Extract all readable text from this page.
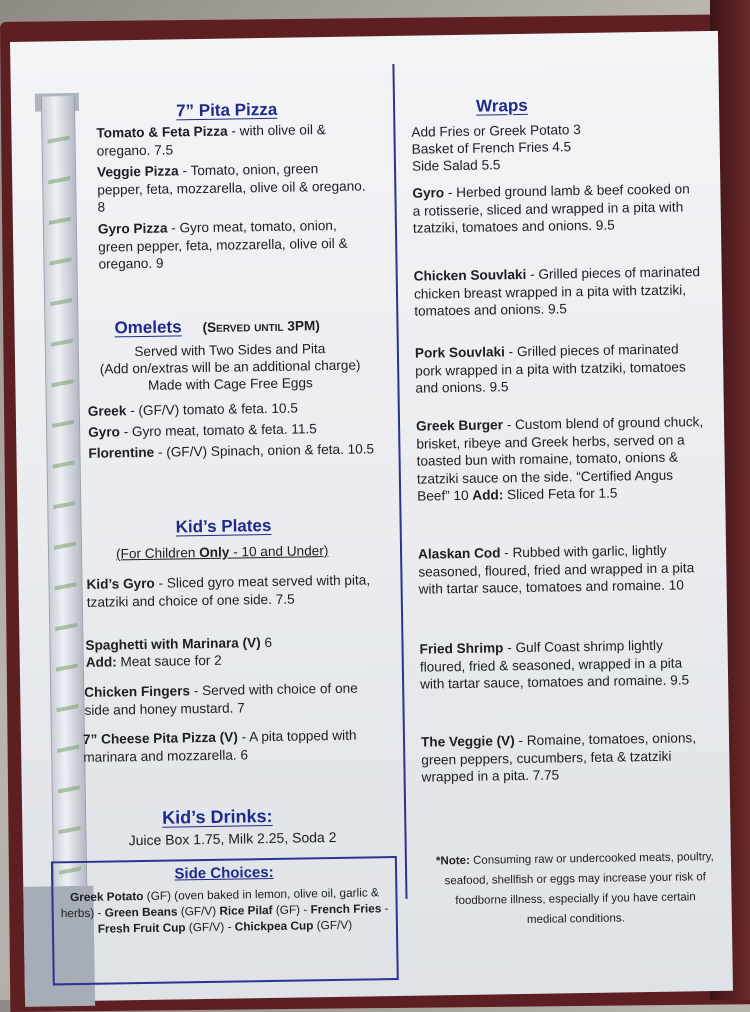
7” Pita Pizza
Tomato & Feta Pizza - with olive oil & oregano. 7.5
Veggie Pizza - Tomato, onion, green pepper, feta, mozzarella, olive oil & oregano. 8
Gyro Pizza - Gyro meat, tomato, onion, green pepper, feta, mozzarella, olive oil & oregano. 9
Omelets (Served until 3PM)
Served with Two Sides and Pita
(Add on/extras will be an additional charge)
Made with Cage Free Eggs
Greek - (GF/V) tomato & feta. 10.5
Gyro - Gyro meat, tomato & feta. 11.5
Florentine - (GF/V) Spinach, onion & feta. 10.5
Kid’s Plates
(For Children Only - 10 and Under)
Kid’s Gyro - Sliced gyro meat served with pita, tzatziki and choice of one side. 7.5
Spaghetti with Marinara (V) 6
Add: Meat sauce for 2
Chicken Fingers - Served with choice of one side and honey mustard. 7
7” Cheese Pita Pizza (V) - A pita topped with marinara and mozzarella. 6
Kid’s Drinks:
Juice Box 1.75, Milk 2.25, Soda 2
Side Choices:
Greek Potato (GF) (oven baked in lemon, olive oil, garlic & herbs) - Green Beans (GF/V) Rice Pilaf (GF) - French Fries - Fresh Fruit Cup (GF/V) - Chickpea Cup (GF/V)
Wraps
Add Fries or Greek Potato 3
Basket of French Fries 4.5
Side Salad 5.5
Gyro - Herbed ground lamb & beef cooked on a rotisserie, sliced and wrapped in a pita with tzatziki, tomatoes and onions. 9.5
Chicken Souvlaki - Grilled pieces of marinated chicken breast wrapped in a pita with tzatziki, tomatoes and onions. 9.5
Pork Souvlaki - Grilled pieces of marinated pork wrapped in a pita with tzatziki, tomatoes and onions. 9.5
Greek Burger - Custom blend of ground chuck, brisket, ribeye and Greek herbs, served on a toasted bun with romaine, tomato, onions & tzatziki sauce on the side. “Certified Angus Beef” 10 Add: Sliced Feta for 1.5
Alaskan Cod - Rubbed with garlic, lightly seasoned, floured, fried and wrapped in a pita with tartar sauce, tomatoes and romaine. 10
Fried Shrimp - Gulf Coast shrimp lightly floured, fried & seasoned, wrapped in a pita with tartar sauce, tomatoes and romaine. 9.5
The Veggie (V) - Romaine, tomatoes, onions, green peppers, cucumbers, feta & tzatziki wrapped in a pita. 7.75
*Note: Consuming raw or undercooked meats, poultry, seafood, shellfish or eggs may increase your risk of foodborne illness, especially if you have certain medical conditions.
